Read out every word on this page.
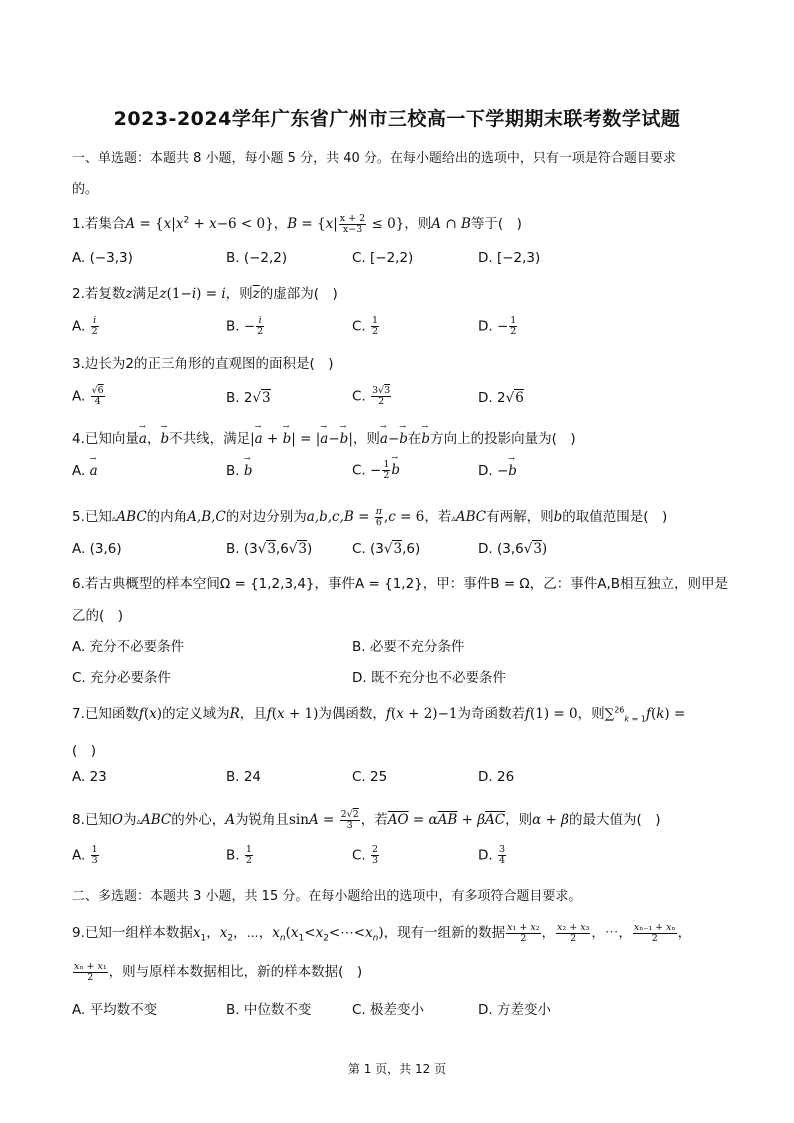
2023-2024学年广东省广州市三校高一下学期期末联考数学试题
一、单选题：本题共 8 小题，每小题 5 分，共 40 分。在每小题给出的选项中，只有一项是符合题目要求
的。
1.若集合$A = \{x|x^2 + x-6 < 0\}$，$B = \{x| \frac{x + 2}{x-3} \le 0\}$，则A ∩ B等于(　)
A. (−3,3)	B. (−2,2)	C. [−2,2)	D. [−2,3)
2.若复数z满足z(1−i) = i，则$\overline{z}$的虚部为(　)
A. $\frac{i}{2}$	B. − $\frac{i}{2}$	C. $\frac{1}{2}$	D. − $\frac{1}{2}$
3.边长为2的正三角形的直观图的面积是(　)
A. $\frac{√6}{4}$	B. 2√3	C. $\frac{3√3}{2}$	D. 2√6
4.已知向量→ a，→ b不共线，满足|→ a + → b| = |→ a−→ b|，则→ a−→ b在→ b方向上的投影向量为(　)
A. → a	B. → b	C. − $\frac{1}{2} \to b$	D. −→ b
5.已知▵ABC的内角A,B,C的对边分别为$a,b,c,B = \frac{\pi}{6} ,c = 6$，若▵ABC有两解，则b的取值范围是(　)
A. (3,6)	B. (3√3,6√3)	C. (3√3,6)	D. (3,6√3)
6.若古典概型的样本空间Ω = {1,2,3,4}，事件A = {1,2}，甲：事件B = Ω，乙：事件A,B相互独立，则甲是
乙的(　)
A. 充分不必要条件	B. 必要不充分条件
C. 充分必要条件	D. 既不充分也不必要条件
7.已知函数f(x)的定义域为R，且f(x + 1)为偶函数，f(x + 2)−1为奇函数若f(1) = 0，则∑$^{26}_{k = 1}$f(k) =
(　)
A. 23	B. 24	C. 25	D. 26
8.已知O为▵ABC的外心，A为锐角且$\sin A = \frac{2√2}{3}$ ，若$\overline{AO} = \alpha\overline{AB} + \beta\overline{AC}$，则α + β的最大值为(　)
A. $\frac{1}{3}$	B. $\frac{1}{2}$	C. $\frac{2}{3}$	D. $\frac{3}{4}$
二、多选题：本题共 3 小题，共 15 分。在每小题给出的选项中，有多项符合题目要求。
9.已知一组样本数据$x_1$，$x_2$，⋯，$x_n(x_1<x_2<\cdots<x_n)$，现有一组新的数据 $\frac{\text{x₁ + x₂}}{2}$ ， $\frac{\text{x₂ + x₃}}{2}$ ，⋯， $\frac{\text{xₙ₋₁ + xₙ}}{2}$ ，
$\frac{\text{xₙ + x₁}}{2}$ ，则与原样本数据相比，新的样本数据(　)
A. 平均数不变	B. 中位数不变	C. 极差变小	D. 方差变小
第 1 页，共 12 页
